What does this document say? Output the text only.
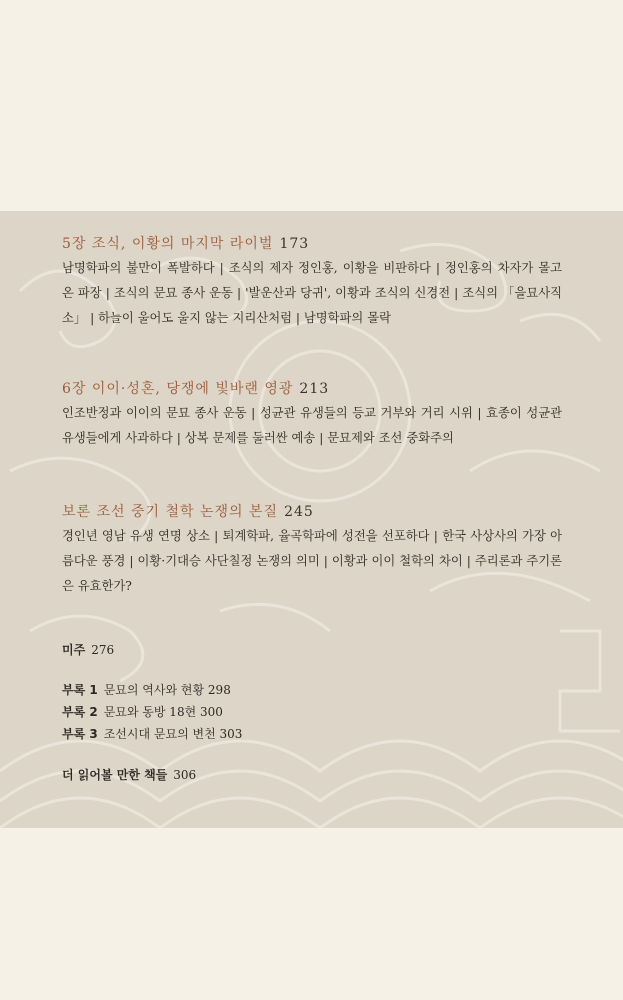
5장 조식, 이황의 마지막 라이벌 173
남명학파의 불만이 폭발하다 | 조식의 제자 정인홍, 이황을 비판하다 | 정인홍의 차자가 몰고 온 파장 | 조식의 문묘 종사 운동 | '발운산과 당귀', 이황과 조식의 신경전 | 조식의 「을묘사직소」 | 하늘이 울어도 울지 않는 지리산처럼 | 남명학파의 몰락
6장 이이·성혼, 당쟁에 빛바랜 영광 213
인조반정과 이이의 문묘 종사 운동 | 성균관 유생들의 등교 거부와 거리 시위 | 효종이 성균관 유생들에게 사과하다 | 상복 문제를 둘러싼 예송 | 문묘제와 조선 중화주의
보론 조선 중기 철학 논쟁의 본질 245
경인년 영남 유생 연명 상소 | 퇴계학파, 율곡학파에 성전을 선포하다 | 한국 사상사의 가장 아름다운 풍경 | 이황·기대승 사단칠정 논쟁의 의미 | 이황과 이이 철학의 차이 | 주리론과 주기론은 유효한가?
미주 276
부록 1 문묘의 역사와 현황 298
부록 2 문묘와 동방 18현 300
부록 3 조선시대 문묘의 변천 303
더 읽어볼 만한 책들 306
